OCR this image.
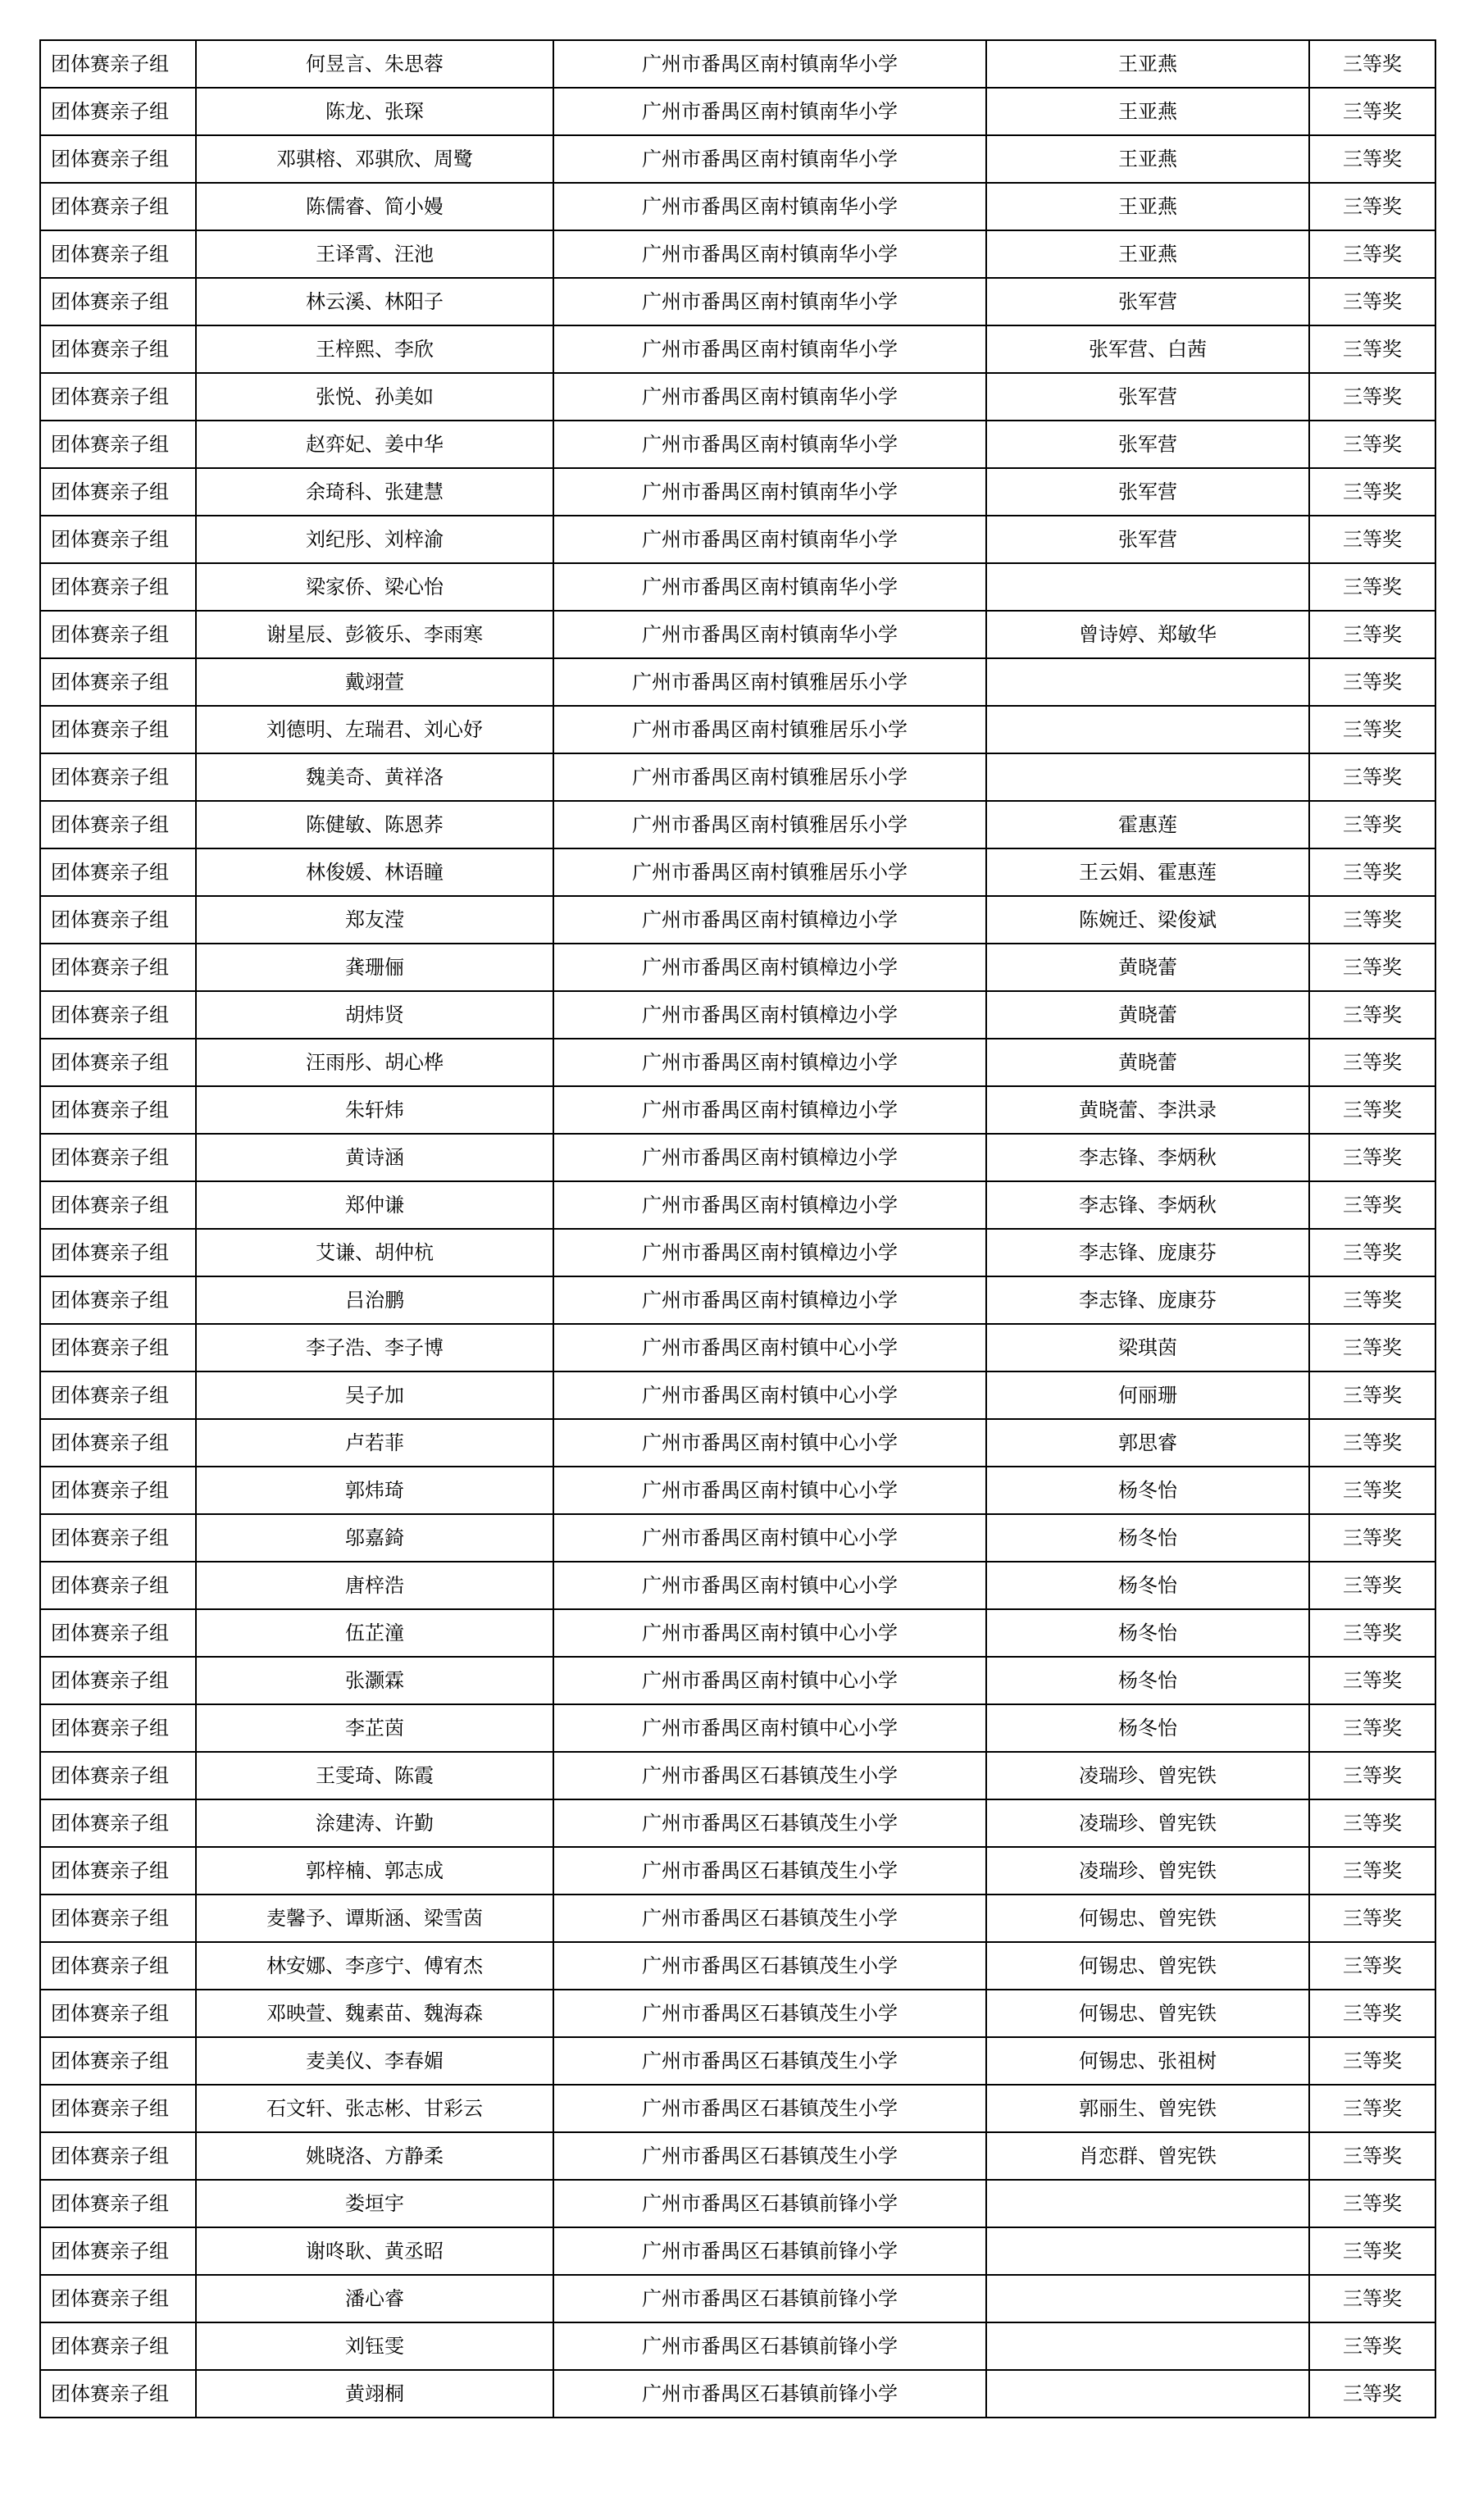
团体赛亲子组	何昱言、朱思蓉	广州市番禺区南村镇南华小学	王亚燕	三等奖
团体赛亲子组	陈龙、张琛	广州市番禺区南村镇南华小学	王亚燕	三等奖
团体赛亲子组	邓骐榕、邓骐欣、周鹭	广州市番禺区南村镇南华小学	王亚燕	三等奖
团体赛亲子组	陈儒睿、简小嫚	广州市番禺区南村镇南华小学	王亚燕	三等奖
团体赛亲子组	王译霄、汪池	广州市番禺区南村镇南华小学	王亚燕	三等奖
团体赛亲子组	林云溪、林阳子	广州市番禺区南村镇南华小学	张军营	三等奖
团体赛亲子组	王梓熙、李欣	广州市番禺区南村镇南华小学	张军营、白茜	三等奖
团体赛亲子组	张悦、孙美如	广州市番禺区南村镇南华小学	张军营	三等奖
团体赛亲子组	赵弈妃、姜中华	广州市番禺区南村镇南华小学	张军营	三等奖
团体赛亲子组	余琦科、张建慧	广州市番禺区南村镇南华小学	张军营	三等奖
团体赛亲子组	刘纪彤、刘梓渝	广州市番禺区南村镇南华小学	张军营	三等奖
团体赛亲子组	梁家侨、梁心怡	广州市番禺区南村镇南华小学		三等奖
团体赛亲子组	谢星辰、彭筱乐、李雨寒	广州市番禺区南村镇南华小学	曾诗婷、郑敏华	三等奖
团体赛亲子组	戴翊萱	广州市番禺区南村镇雅居乐小学		三等奖
团体赛亲子组	刘德明、左瑞君、刘心妤	广州市番禺区南村镇雅居乐小学		三等奖
团体赛亲子组	魏美奇、黄祥洛	广州市番禺区南村镇雅居乐小学		三等奖
团体赛亲子组	陈健敏、陈恩荞	广州市番禺区南村镇雅居乐小学	霍惠莲	三等奖
团体赛亲子组	林俊媛、林语瞳	广州市番禺区南村镇雅居乐小学	王云娟、霍惠莲	三等奖
团体赛亲子组	郑友滢	广州市番禺区南村镇樟边小学	陈婉迁、梁俊斌	三等奖
团体赛亲子组	龚珊俪	广州市番禺区南村镇樟边小学	黄晓蕾	三等奖
团体赛亲子组	胡炜贤	广州市番禺区南村镇樟边小学	黄晓蕾	三等奖
团体赛亲子组	汪雨彤、胡心桦	广州市番禺区南村镇樟边小学	黄晓蕾	三等奖
团体赛亲子组	朱轩炜	广州市番禺区南村镇樟边小学	黄晓蕾、李洪录	三等奖
团体赛亲子组	黄诗涵	广州市番禺区南村镇樟边小学	李志锋、李炳秋	三等奖
团体赛亲子组	郑仲谦	广州市番禺区南村镇樟边小学	李志锋、李炳秋	三等奖
团体赛亲子组	艾谦、胡仲杭	广州市番禺区南村镇樟边小学	李志锋、庞康芬	三等奖
团体赛亲子组	吕治鹏	广州市番禺区南村镇樟边小学	李志锋、庞康芬	三等奖
团体赛亲子组	李子浩、李子博	广州市番禺区南村镇中心小学	梁琪茵	三等奖
团体赛亲子组	吴子加	广州市番禺区南村镇中心小学	何丽珊	三等奖
团体赛亲子组	卢若菲	广州市番禺区南村镇中心小学	郭思睿	三等奖
团体赛亲子组	郭炜琦	广州市番禺区南村镇中心小学	杨冬怡	三等奖
团体赛亲子组	邬嘉錡	广州市番禺区南村镇中心小学	杨冬怡	三等奖
团体赛亲子组	唐梓浩	广州市番禺区南村镇中心小学	杨冬怡	三等奖
团体赛亲子组	伍芷潼	广州市番禺区南村镇中心小学	杨冬怡	三等奖
团体赛亲子组	张灏霖	广州市番禺区南村镇中心小学	杨冬怡	三等奖
团体赛亲子组	李芷茵	广州市番禺区南村镇中心小学	杨冬怡	三等奖
团体赛亲子组	王雯琦、陈霞	广州市番禺区石碁镇茂生小学	凌瑞珍、曾宪铁	三等奖
团体赛亲子组	涂建涛、许勤	广州市番禺区石碁镇茂生小学	凌瑞珍、曾宪铁	三等奖
团体赛亲子组	郭梓楠、郭志成	广州市番禺区石碁镇茂生小学	凌瑞珍、曾宪铁	三等奖
团体赛亲子组	麦馨予、谭斯涵、梁雪茵	广州市番禺区石碁镇茂生小学	何锡忠、曾宪铁	三等奖
团体赛亲子组	林安娜、李彦宁、傅宥杰	广州市番禺区石碁镇茂生小学	何锡忠、曾宪铁	三等奖
团体赛亲子组	邓映萱、魏素苗、魏海森	广州市番禺区石碁镇茂生小学	何锡忠、曾宪铁	三等奖
团体赛亲子组	麦美仪、李春媚	广州市番禺区石碁镇茂生小学	何锡忠、张祖树	三等奖
团体赛亲子组	石文轩、张志彬、甘彩云	广州市番禺区石碁镇茂生小学	郭丽生、曾宪铁	三等奖
团体赛亲子组	姚晓洛、方静柔	广州市番禺区石碁镇茂生小学	肖恋群、曾宪铁	三等奖
团体赛亲子组	娄垣宇	广州市番禺区石碁镇前锋小学		三等奖
团体赛亲子组	谢咚耿、黄丞昭	广州市番禺区石碁镇前锋小学		三等奖
团体赛亲子组	潘心睿	广州市番禺区石碁镇前锋小学		三等奖
团体赛亲子组	刘钰雯	广州市番禺区石碁镇前锋小学		三等奖
团体赛亲子组	黄翊桐	广州市番禺区石碁镇前锋小学		三等奖
